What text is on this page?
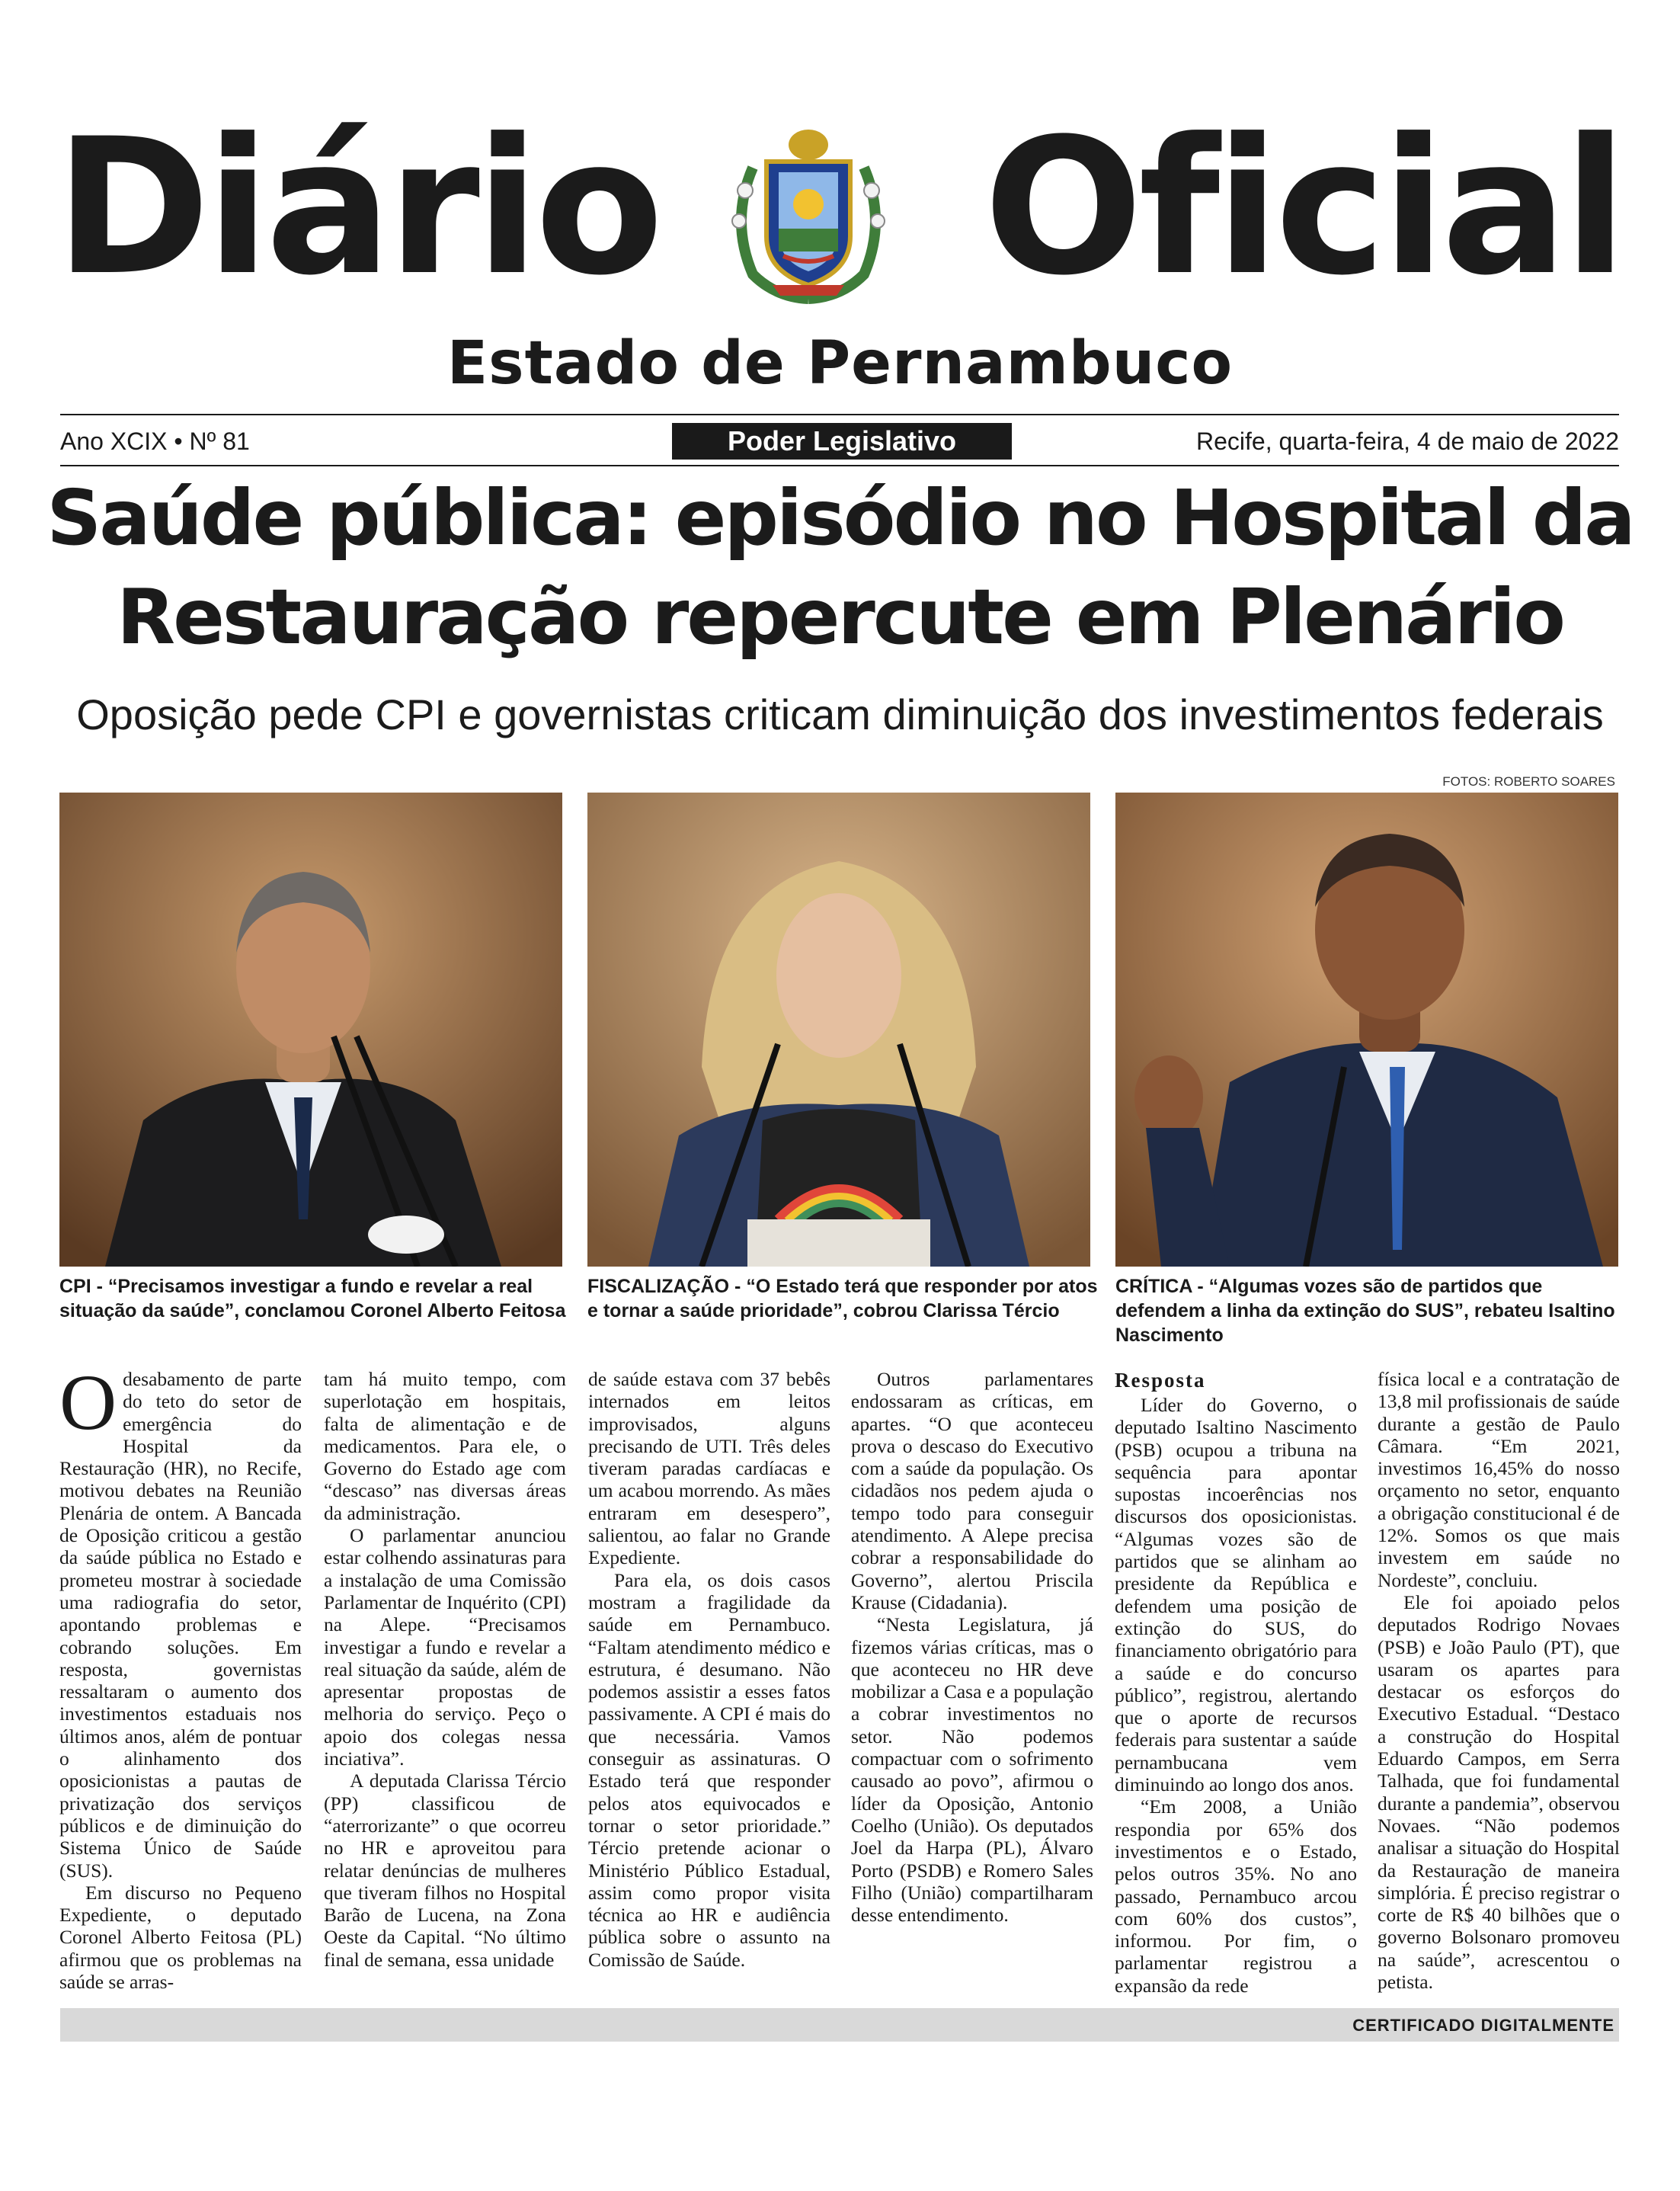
Diário	Oficial
Estado de Pernambuco
Ano XCIX • Nº 81	Poder Legislativo	Recife, quarta-feira, 4 de maio de 2022
Saúde pública: episódio no Hospital da Restauração repercute em Plenário
Oposição pede CPI e governistas criticam diminuição dos investimentos federais
FOTOS: ROBERTO SOARES
CPI - “Precisamos investigar a fundo e revelar a real situação da saúde”, conclamou Coronel Alberto Feitosa
FISCALIZAÇÃO - “O Estado terá que responder por atos e tornar a saúde prioridade”, cobrou Clarissa Tércio
CRÍTICA - “Algumas vozes são de partidos que defendem a linha da extinção do SUS”, rebateu Isaltino Nascimento

Odesabamento de parte do teto do setor de emergência do Hospital da Restauração (HR), no Recife, motivou debates na Reunião Plenária de ontem. A Bancada de Oposição criticou a gestão da saúde pública no Estado e prometeu mostrar à sociedade uma radiografia do setor, apontando problemas e cobrando soluções. Em resposta, governistas ressaltaram o aumento dos investimentos estaduais nos últimos anos, além de pontuar o alinhamento dos oposicionistas a pautas de privatização dos serviços públicos e de diminuição do Sistema Único de Saúde (SUS).

Em discurso no Pequeno Expediente, o deputado Coronel Alberto Feitosa (PL) afirmou que os problemas na saúde se arras-

tam há muito tempo, com superlotação em hospitais, falta de alimentação e de medicamentos. Para ele, o Governo do Estado age com “descaso” nas diversas áreas da administração.

O parlamentar anunciou estar colhendo assinaturas para a instalação de uma Comissão Parlamentar de Inquérito (CPI) na Alepe. “Precisamos investigar a fundo e revelar a real situação da saúde, além de apresentar propostas de melhoria do serviço. Peço o apoio dos colegas nessa inciativa”.

A deputada Clarissa Tércio (PP) classificou de “aterrorizante” o que ocorreu no HR e aproveitou para relatar denúncias de mulheres que tiveram filhos no Hospital Barão de Lucena, na Zona Oeste da Capital. “No último final de semana, essa unidade

de saúde estava com 37 bebês internados em leitos improvisados, alguns precisando de UTI. Três deles tiveram paradas cardíacas e um acabou morrendo. As mães entraram em desespero”, salientou, ao falar no Grande Expediente.

Para ela, os dois casos mostram a fragilidade da saúde em Pernambuco. “Faltam atendimento médico e estrutura, é desumano. Não podemos assistir a esses fatos passivamente. A CPI é mais do que necessária. Vamos conseguir as assinaturas. O Estado terá que responder pelos atos equivocados e tornar o setor prioridade.” Tércio pretende acionar o Ministério Público Estadual, assim como propor visita técnica ao HR e audiência pública sobre o assunto na Comissão de Saúde.

Outros parlamentares endossaram as críticas, em apartes. “O que aconteceu prova o descaso do Executivo com a saúde da população. Os cidadãos nos pedem ajuda o tempo todo para conseguir atendimento. A Alepe precisa cobrar a responsabilidade do Governo”, alertou Priscila Krause (Cidadania).

“Nesta Legislatura, já fizemos várias críticas, mas o que aconteceu no HR deve mobilizar a Casa e a população a cobrar investimentos no setor. Não podemos compactuar com o sofrimento causado ao povo”, afirmou o líder da Oposição, Antonio Coelho (União). Os deputados Joel da Harpa (PL), Álvaro Porto (PSDB) e Romero Sales Filho (União) compartilharam desse entendimento.

Resposta

Líder do Governo, o deputado Isaltino Nascimento (PSB) ocupou a tribuna na sequência para apontar supostas incoerências nos discursos dos oposicionistas. “Algumas vozes são de partidos que se alinham ao presidente da República e defendem uma posição de extinção do SUS, do financiamento obrigatório para a saúde e do concurso público”, registrou, alertando que o aporte de recursos federais para sustentar a saúde pernambucana vem diminuindo ao longo dos anos.

“Em 2008, a União respondia por 65% dos investimentos e o Estado, pelos outros 35%. No ano passado, Pernambuco arcou com 60% dos custos”, informou. Por fim, o parlamentar registrou a expansão da rede

física local e a contratação de 13,8 mil profissionais de saúde durante a gestão de Paulo Câmara. “Em 2021, investimos 16,45% do nosso orçamento no setor, enquanto a obrigação constitucional é de 12%. Somos os que mais investem em saúde no Nordeste”, concluiu.

Ele foi apoiado pelos deputados Rodrigo Novaes (PSB) e João Paulo (PT), que usaram os apartes para destacar os esforços do Executivo Estadual. “Destaco a construção do Hospital Eduardo Campos, em Serra Talhada, que foi fundamental durante a pandemia”, observou Novaes. “Não podemos analisar a situação do Hospital da Restauração de maneira simplória. É preciso registrar o corte de R$ 40 bilhões que o governo Bolsonaro promoveu na saúde”, acrescentou o petista.

CERTIFICADO DIGITALMENTE
